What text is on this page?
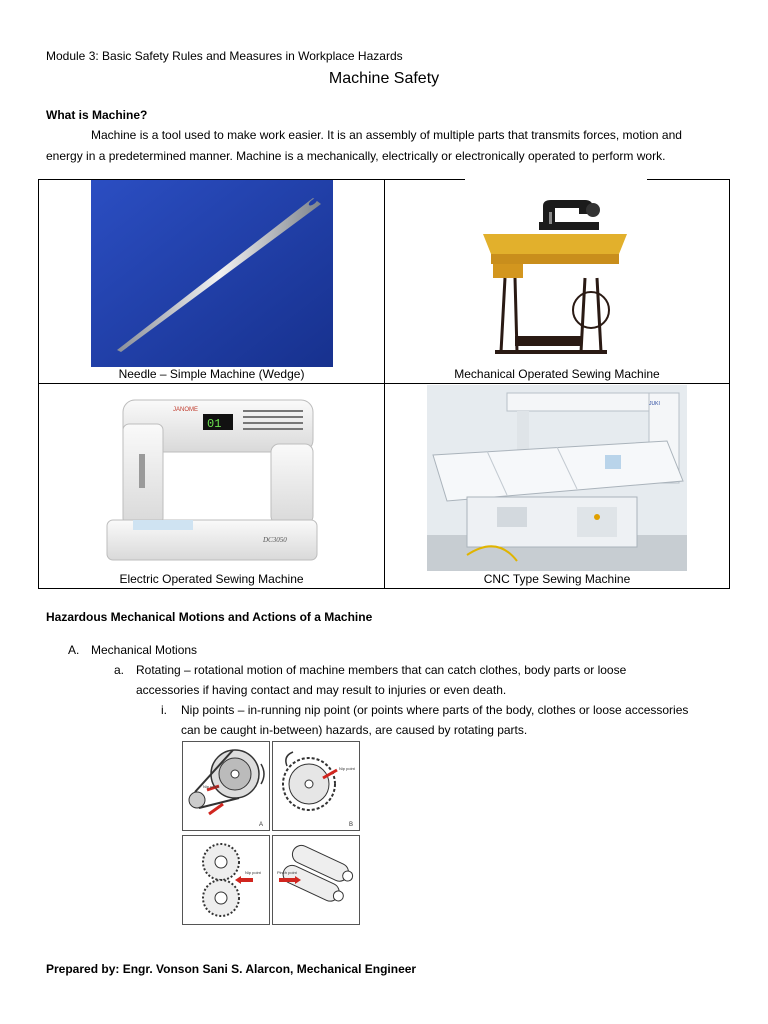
Module 3: Basic Safety Rules and Measures in Workplace Hazards
Machine Safety
What is Machine?
Machine is a tool used to make work easier. It is an assembly of multiple parts that transmits forces, motion and
energy in a predetermined manner. Machine is a mechanically, electrically or electronically operated to perform work.
Needle – Simple Machine (Wedge)	Mechanical Operated Sewing Machine
01
JANOME
DC3050
Electric Operated Sewing Machine
JUKI
CNC Type Sewing Machine
Hazardous Mechanical Motions and Actions of a Machine
A. Mechanical Motions
a. Rotating – rotational motion of machine members that can catch clothes, body parts or loose
accessories if having contact and may result to injuries or even death.
i. Nip points – in-running nip point (or points where parts of the body, clothes or loose accessories
can be caught in-between) hazards, are caused by rotating parts.
Nip point
A
Nip point
B
Nip point	Pinch point
Prepared by: Engr. Vonson Sani S. Alarcon, Mechanical Engineer
